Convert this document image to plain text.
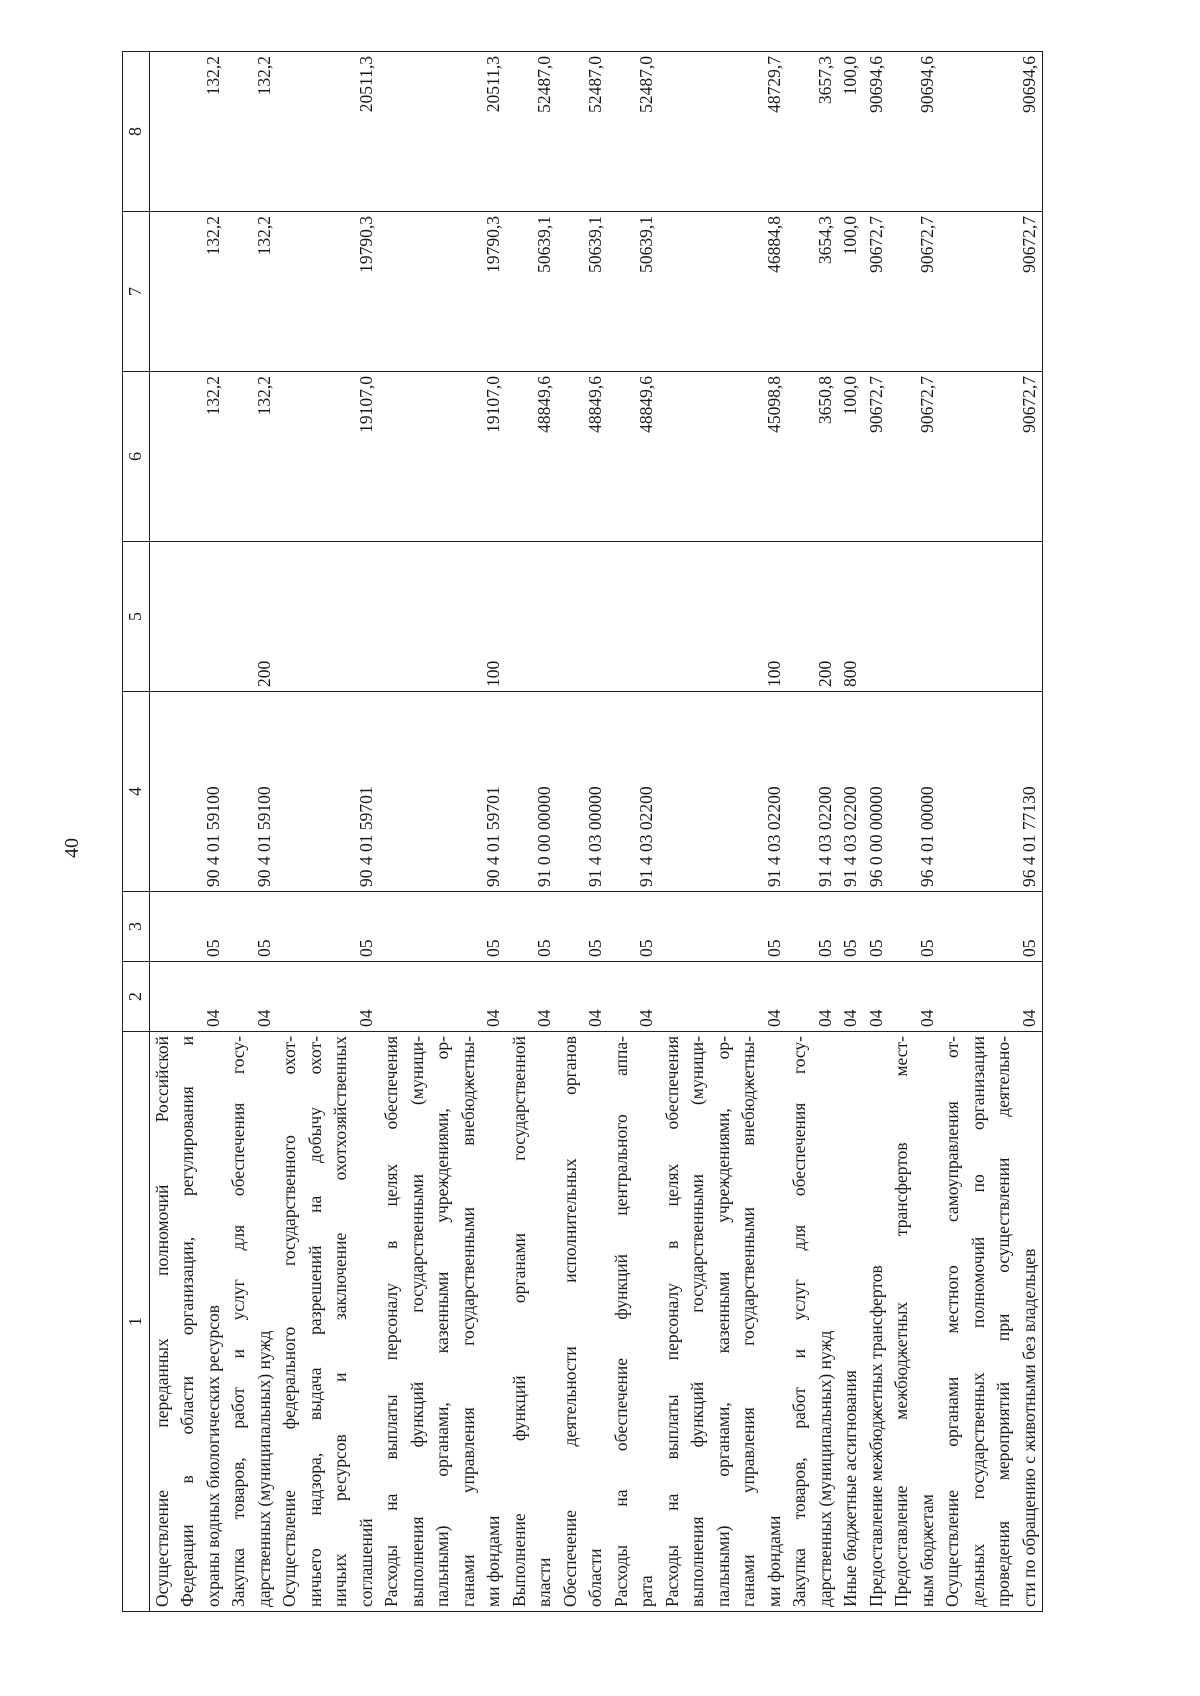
40
1	2	3	4	5	6	7	8

Осуществление переданных полномочий Российской Федерации в области организации, регулирования и охраны водных биологических ресурсов	04	05	90 4 01 59100		132,2	132,2	132,2

Закупка товаров, работ и услуг для обеспечения госу- дарственных (муниципальных) нужд	04	05	90 4 01 59100	200	132,2	132,2	132,2

Осуществление федерального государственного охот- ничьего надзора, выдача разрешений на добычу охот- ничьих ресурсов и заключение охотхозяйственных соглашений	04	05	90 4 01 59701		19107,0	19790,3	20511,3

Расходы на выплаты персоналу в целях обеспечения выполнения функций государственными (муници- пальными) органами, казенными учреждениями, ор- ганами управления государственными внебюджетны- ми фондами	04	05	90 4 01 59701	100	19107,0	19790,3	20511,3

Выполнение функций органами государственной власти	04	05	91 0 00 00000		48849,6	50639,1	52487,0

Обеспечение деятельности исполнительных органов области	04	05	91 4 03 00000		48849,6	50639,1	52487,0

Расходы на обеспечение функций центрального аппа- рата	04	05	91 4 03 02200		48849,6	50639,1	52487,0

Расходы на выплаты персоналу в целях обеспечения выполнения функций государственными (муници- пальными) органами, казенными учреждениями, ор- ганами управления государственными внебюджетны- ми фондами	04	05	91 4 03 02200	100	45098,8	46884,8	48729,7

Закупка товаров, работ и услуг для обеспечения госу- дарственных (муниципальных) нужд	04	05	91 4 03 02200	200	3650,8	3654,3	3657,3

Иные бюджетные ассигнования	04	05	91 4 03 02200	800	100,0	100,0	100,0

Предоставление межбюджетных трансфертов	04	05	96 0 00 00000		90672,7	90672,7	90694,6

Предоставление межбюджетных трансфертов мест- ным бюджетам	04	05	96 4 01 00000		90672,7	90672,7	90694,6

Осуществление органами местного самоуправления от- дельных государственных полномочий по организации проведения мероприятий при осуществлении деятельно- сти по обращению с животными без владельцев	04	05	96 4 01 77130		90672,7	90672,7	90694,6
